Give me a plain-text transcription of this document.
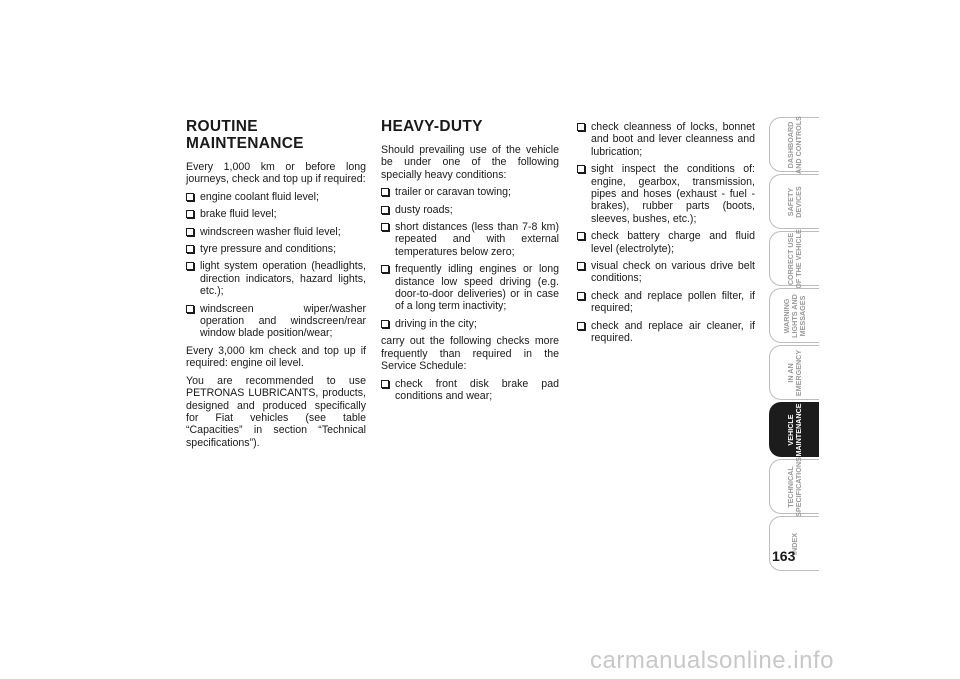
ROUTINE
MAINTENANCE

Every 1,000 km or before long journeys, check and top up if required:

engine coolant fluid level;
brake fluid level;
windscreen washer fluid level;
tyre pressure and conditions;
light system operation (headlights, direction indicators, hazard lights, etc.);
windscreen wiper/washer operation and windscreen/rear window blade position/wear;

Every 3,000 km check and top up if required: engine oil level.

You are recommended to use PETRONAS LUBRICANTS, products, designed and produced specifically for Fiat vehicles (see table “Capacities” in section “Technical specifications”).

HEAVY-DUTY

Should prevailing use of the vehicle be under one of the following specially heavy conditions:

trailer or caravan towing;
dusty roads;
short distances (less than 7-8 km) repeated and with external temperatures below zero;
frequently idling engines or long distance low speed driving (e.g. door-to-door deliveries) or in case of a long term inactivity;
driving in the city;

carry out the following checks more frequently than required in the Service Schedule:

check front disk brake pad conditions and wear;
check cleanness of locks, bonnet and boot and lever cleanness and lubrication;
sight inspect the conditions of: engine, gearbox, transmission, pipes and hoses (exhaust - fuel - brakes), rubber parts (boots, sleeves, bushes, etc.);
check battery charge and fluid level (electrolyte);
visual check on various drive belt conditions;
check and replace pollen filter, if required;
check and replace air cleaner, if required.
DASHBOARD
AND CONTROLS
SAFETY
DEVICES
CORRECT USE
OF THE VEHICLE
WARNING
LIGHTS AND
MESSAGES
IN AN
EMERGENCY
VEHICLE
MAINTENANCE
TECHNICAL
SPECIFICATIONS
INDEX
163
carmanualsonline.info
